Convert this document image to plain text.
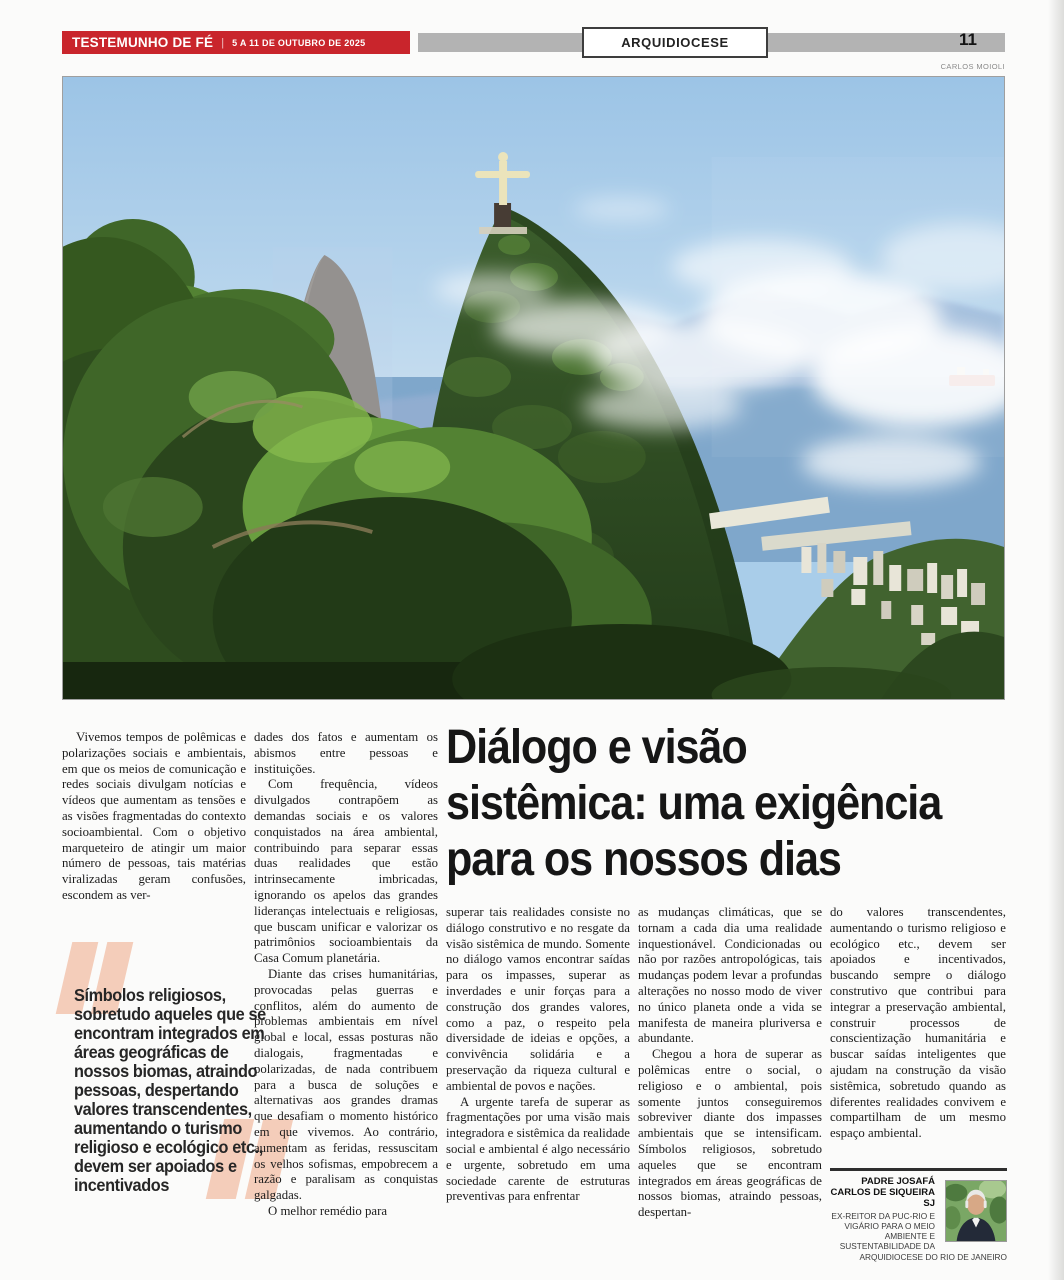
TESTEMUNHO DE FÉ | 5 A 11 DE OUTUBRO DE 2025	ARQUIDIOCESE	11
CARLOS MOIOLI
Diálogo e visão
sistêmica: uma exigência
para os nossos dias

Vivemos tempos de polêmicas e polarizações sociais e ambientais, em que os meios de comunicação e redes sociais divulgam notícias e vídeos que aumentam as tensões e as visões fragmentadas do contexto socioambiental. Com o objetivo marqueteiro de atingir um maior número de pessoas, tais matérias viralizadas geram confusões, escondem as ver-

Símbolos religiosos, sobretudo aqueles que se encontram integrados em áreas geográficas de nossos biomas, atraindo pessoas, despertando valores transcendentes, aumentando o turismo religioso e ecológico etc., devem ser apoiados e incentivados

dades dos fatos e aumentam os abismos entre pessoas e instituições.

Com frequência, vídeos divulgados contrapõem as demandas sociais e os valores conquistados na área ambiental, contribuindo para separar essas duas realidades que estão intrinsecamente imbricadas, ignorando os apelos das grandes lideranças intelectuais e religiosas, que buscam unificar e valorizar os patrimônios socioambientais da Casa Comum planetária.

Diante das crises humanitárias, provocadas pelas guerras e conflitos, além do aumento de problemas ambientais em nível global e local, essas posturas não dialogais, fragmentadas e polarizadas, de nada contribuem para a busca de soluções e alternativas aos grandes dramas que desafiam o momento histórico em que vivemos. Ao contrário, aumentam as feridas, ressuscitam os velhos sofismas, empobrecem a razão e paralisam as conquistas galgadas.

O melhor remédio para

superar tais realidades consiste no diálogo construtivo e no resgate da visão sistêmica de mundo. Somente no diálogo vamos encontrar saídas para os impasses, superar as inverdades e unir forças para a construção dos grandes valores, como a paz, o respeito pela diversidade de ideias e opções, a convivência solidária e a preservação da riqueza cultural e ambiental de povos e nações.

A urgente tarefa de superar as fragmentações por uma visão mais integradora e sistêmica da realidade social e ambiental é algo necessário e urgente, sobretudo em uma sociedade carente de estruturas preventivas para enfrentar

as mudanças climáticas, que se tornam a cada dia uma realidade inquestionável. Condicionadas ou não por razões antropológicas, tais mudanças podem levar a profundas alterações no nosso modo de viver no único planeta onde a vida se manifesta de maneira pluriversa e abundante.

Chegou a hora de superar as polêmicas entre o social, o religioso e o ambiental, pois somente juntos conseguiremos sobreviver diante dos impasses ambientais que se intensificam. Símbolos religiosos, sobretudo aqueles que se encontram integrados em áreas geográficas de nossos biomas, atraindo pessoas, despertan-

do valores transcendentes, aumentando o turismo religioso e ecológico etc., devem ser apoiados e incentivados, buscando sempre o diálogo construtivo que contribui para integrar a preservação ambiental, construir processos de conscientização humanitária e buscar saídas inteligentes que ajudam na construção da visão sistêmica, sobretudo quando as diferentes realidades convivem e compartilham de um mesmo espaço ambiental.

PADRE JOSAFÁ CARLOS DE SIQUEIRA SJ
EX-REITOR DA PUC-RIO E VIGÁRIO PARA O MEIO AMBIENTE E SUSTENTABILIDADE DA
ARQUIDIOCESE DO RIO DE JANEIRO
